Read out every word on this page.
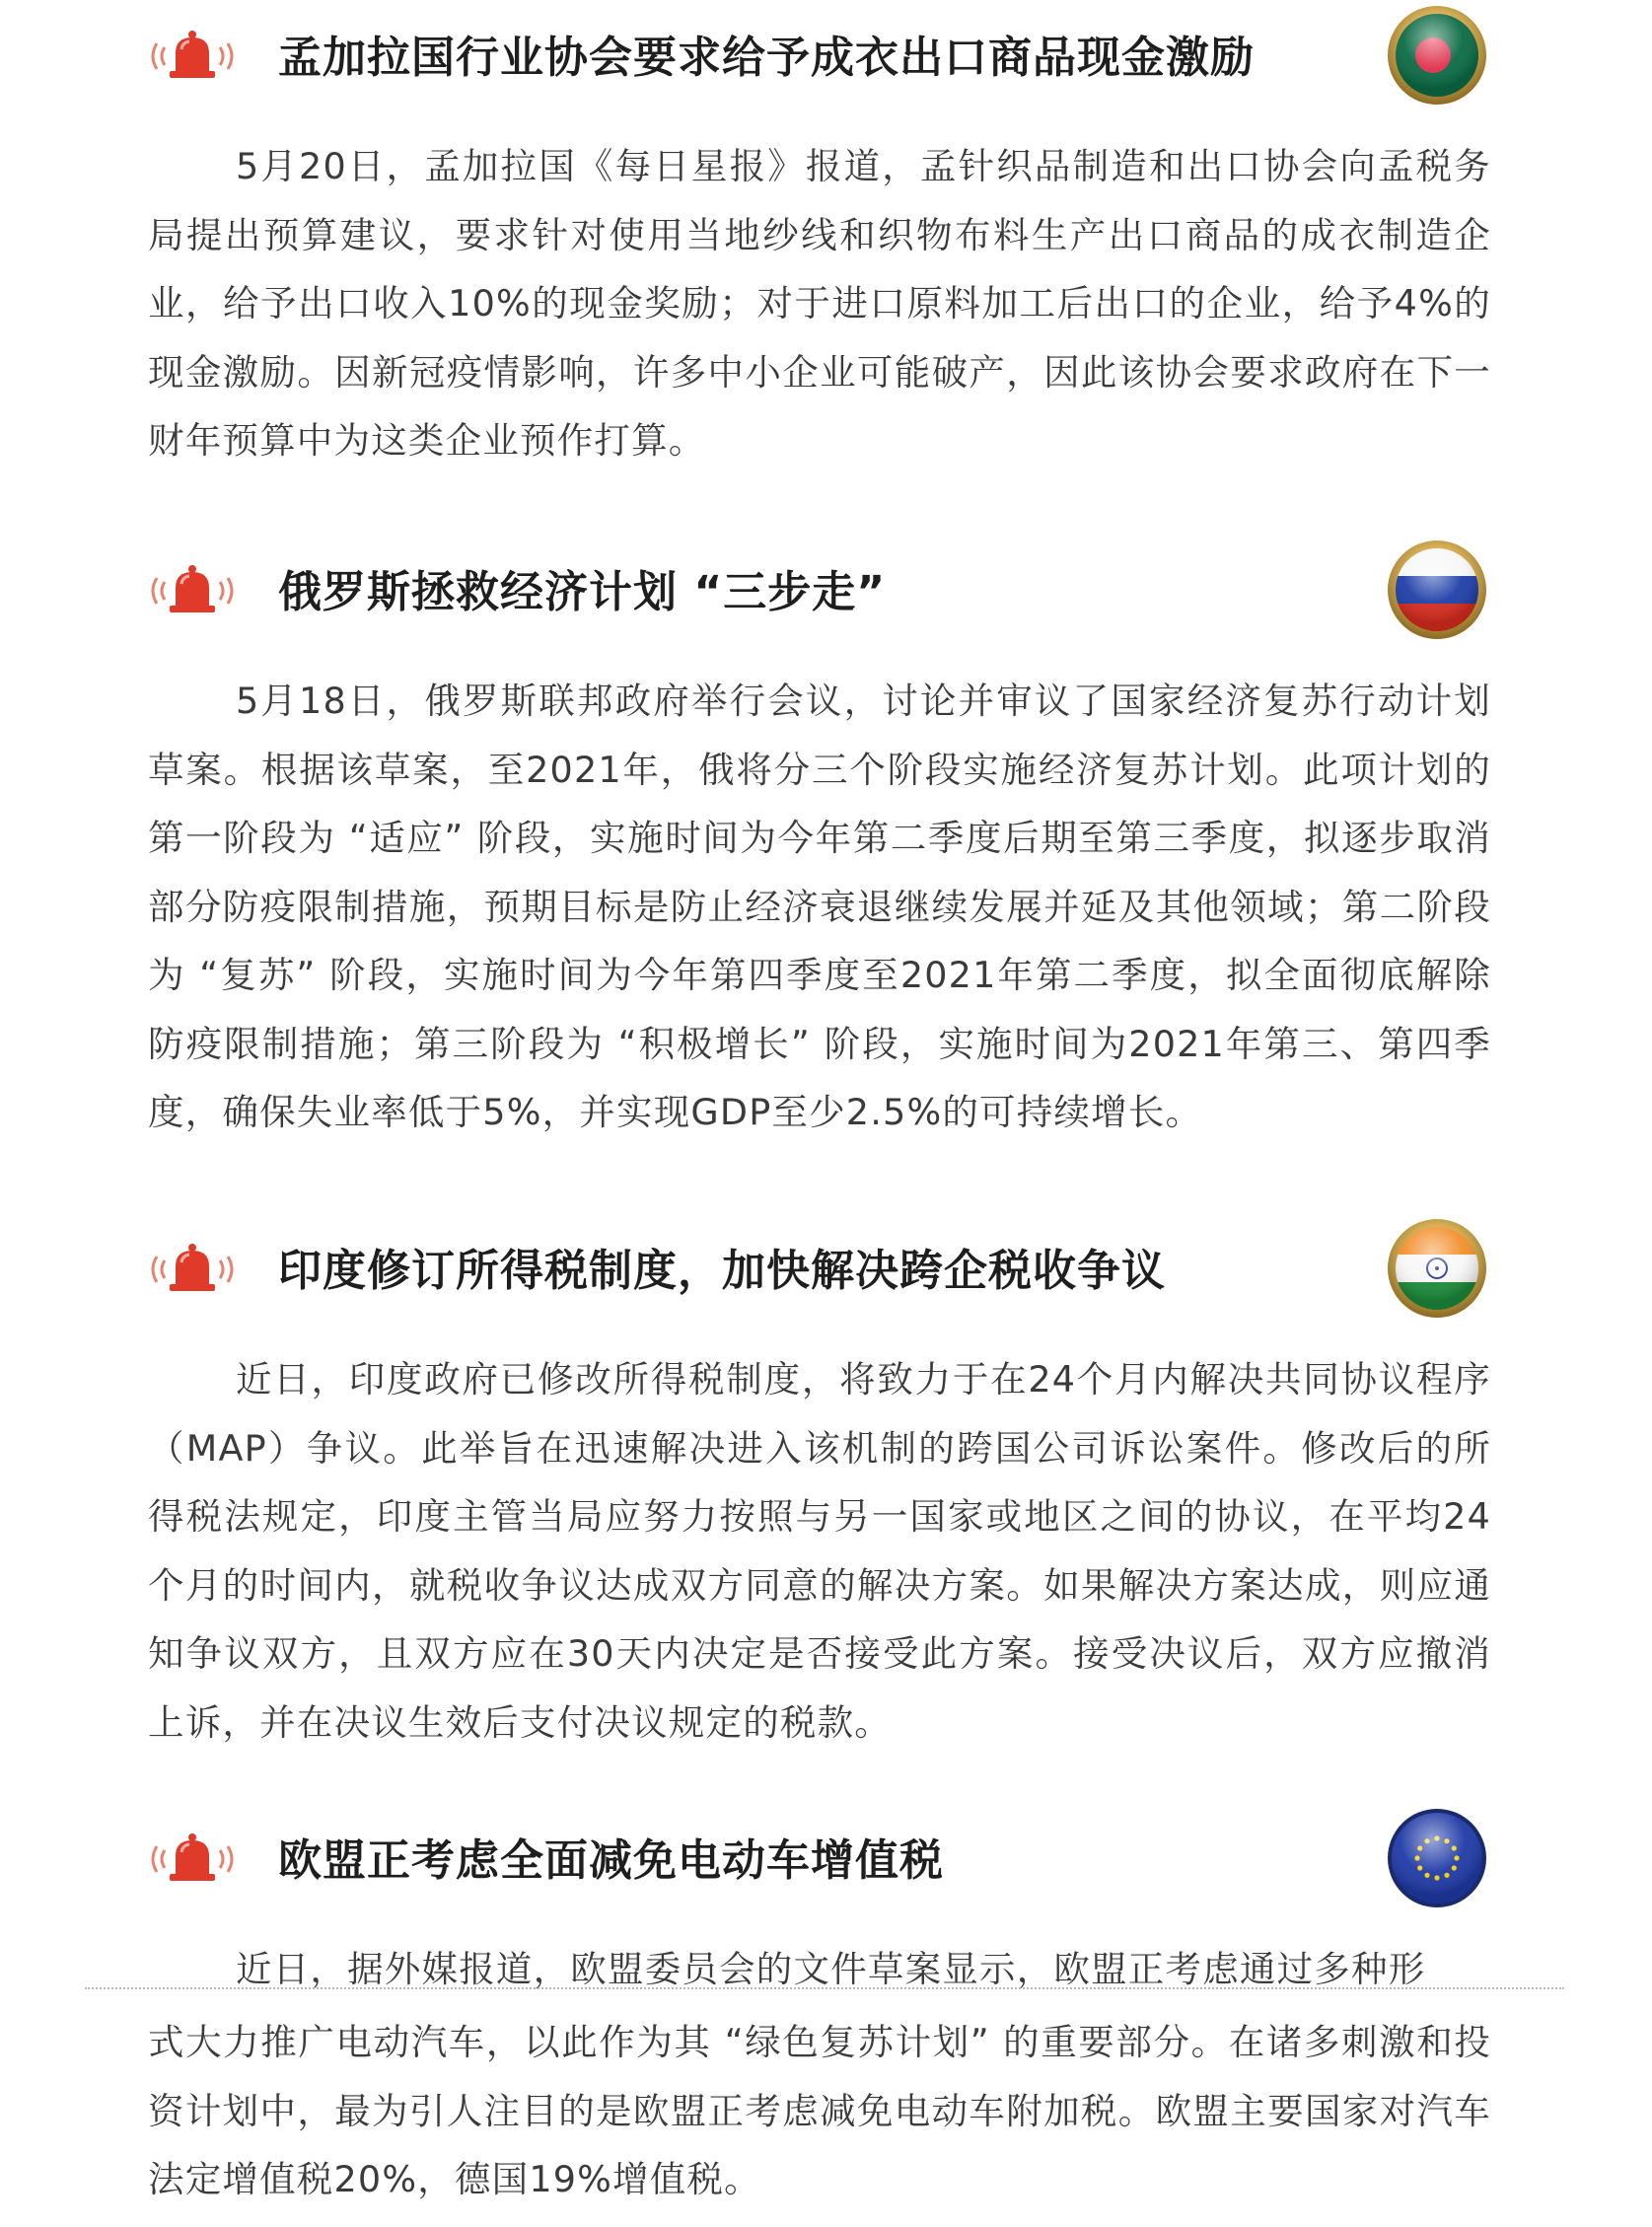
孟加拉国行业协会要求给予成衣出口商品现金激励

5月20日，孟加拉国《每日星报》报道，孟针织品制造和出口协会向孟税务局提出预算建议，要求针对使用当地纱线和织物布料生产出口商品的成衣制造企业，给予出口收入10%的现金奖励；对于进口原料加工后出口的企业，给予4%的现金激励。因新冠疫情影响，许多中小企业可能破产，因此该协会要求政府在下一财年预算中为这类企业预作打算。

俄罗斯拯救经济计划 “三步走”

5月18日，俄罗斯联邦政府举行会议，讨论并审议了国家经济复苏行动计划草案。根据该草案，至2021年，俄将分三个阶段实施经济复苏计划。此项计划的第一阶段为 “适应” 阶段，实施时间为今年第二季度后期至第三季度，拟逐步取消部分防疫限制措施，预期目标是防止经济衰退继续发展并延及其他领域；第二阶段为 “复苏” 阶段，实施时间为今年第四季度至2021年第二季度，拟全面彻底解除防疫限制措施；第三阶段为 “积极增长” 阶段，实施时间为2021年第三、第四季度，确保失业率低于5%，并实现GDP至少2.5%的可持续增长。

印度修订所得税制度，加快解决跨企税收争议

近日，印度政府已修改所得税制度，将致力于在24个月内解决共同协议程序（MAP）争议。此举旨在迅速解决进入该机制的跨国公司诉讼案件。修改后的所得税法规定，印度主管当局应努力按照与另一国家或地区之间的协议，在平均24个月的时间内，就税收争议达成双方同意的解决方案。如果解决方案达成，则应通知争议双方，且双方应在30天内决定是否接受此方案。接受决议后，双方应撤消上诉，并在决议生效后支付决议规定的税款。

欧盟正考虑全面减免电动车增值税

近日，据外媒报道，欧盟委员会的文件草案显示，欧盟正考虑通过多种形

式大力推广电动汽车，以此作为其 “绿色复苏计划” 的重要部分。在诸多刺激和投资计划中，最为引人注目的是欧盟正考虑减免电动车附加税。欧盟主要国家对汽车法定增值税20%，德国19%增值税。
